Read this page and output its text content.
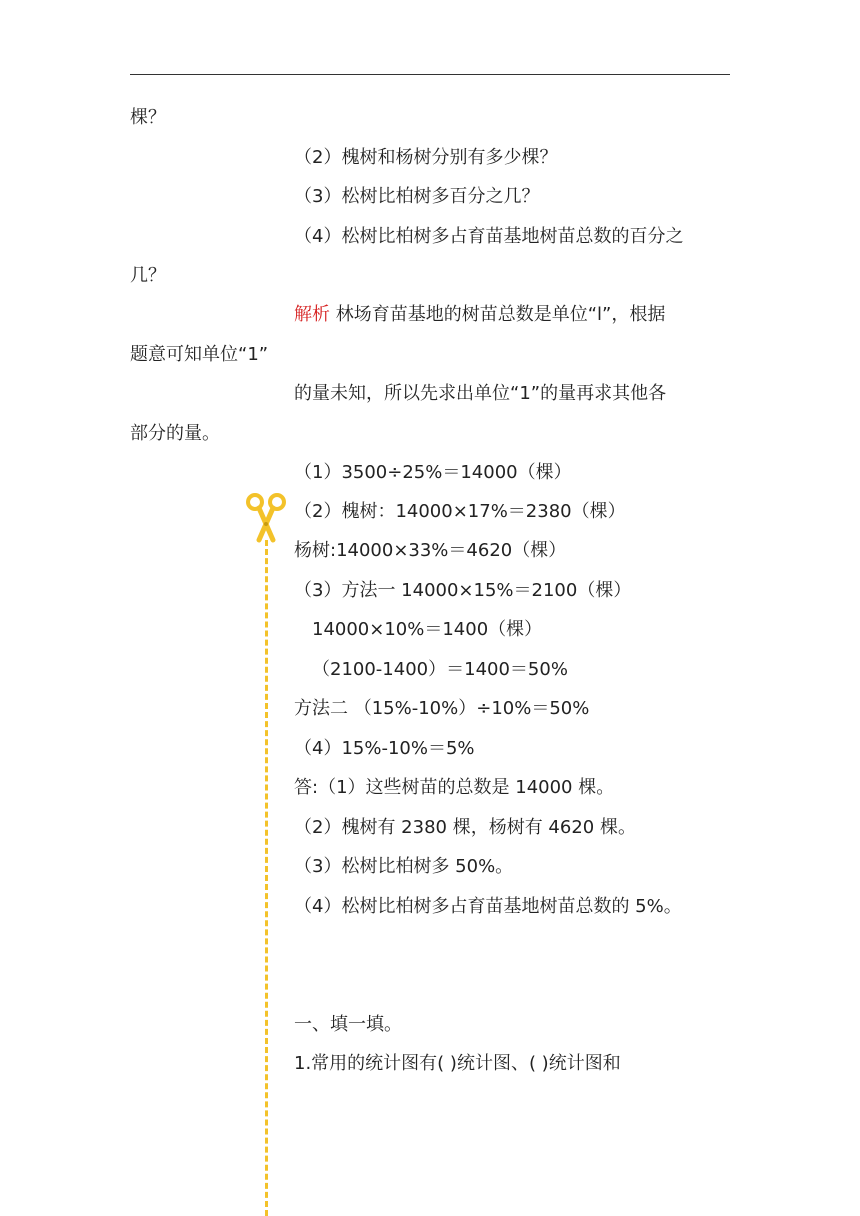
棵？
（2）槐树和杨树分别有多少棵？
（3）松树比柏树多百分之几？
（4）松树比柏树多占育苗基地树苗总数的百分之
几？
解析 林场育苗基地的树苗总数是单位“l”，根据
题意可知单位“1”
的量未知，所以先求出单位“1”的量再求其他各
部分的量。
（1）3500÷25%＝14000（棵）
（2）槐树：14000×17%＝2380（棵）
杨树:14000×33%＝4620（棵）
（3）方法一 14000×15%＝2100（棵）
14000×10%＝1400（棵）
（2100-1400）＝1400＝50%
方法二 （15%-10%）÷10%＝50%
（4）15%-10%＝5%
答:（1）这些树苗的总数是 14000 棵。
（2）槐树有 2380 棵，杨树有 4620 棵。
（3）松树比柏树多 50%。
（4）松树比柏树多占育苗基地树苗总数的 5%。
一、填一填。
1.常用的统计图有( )统计图、( )统计图和
